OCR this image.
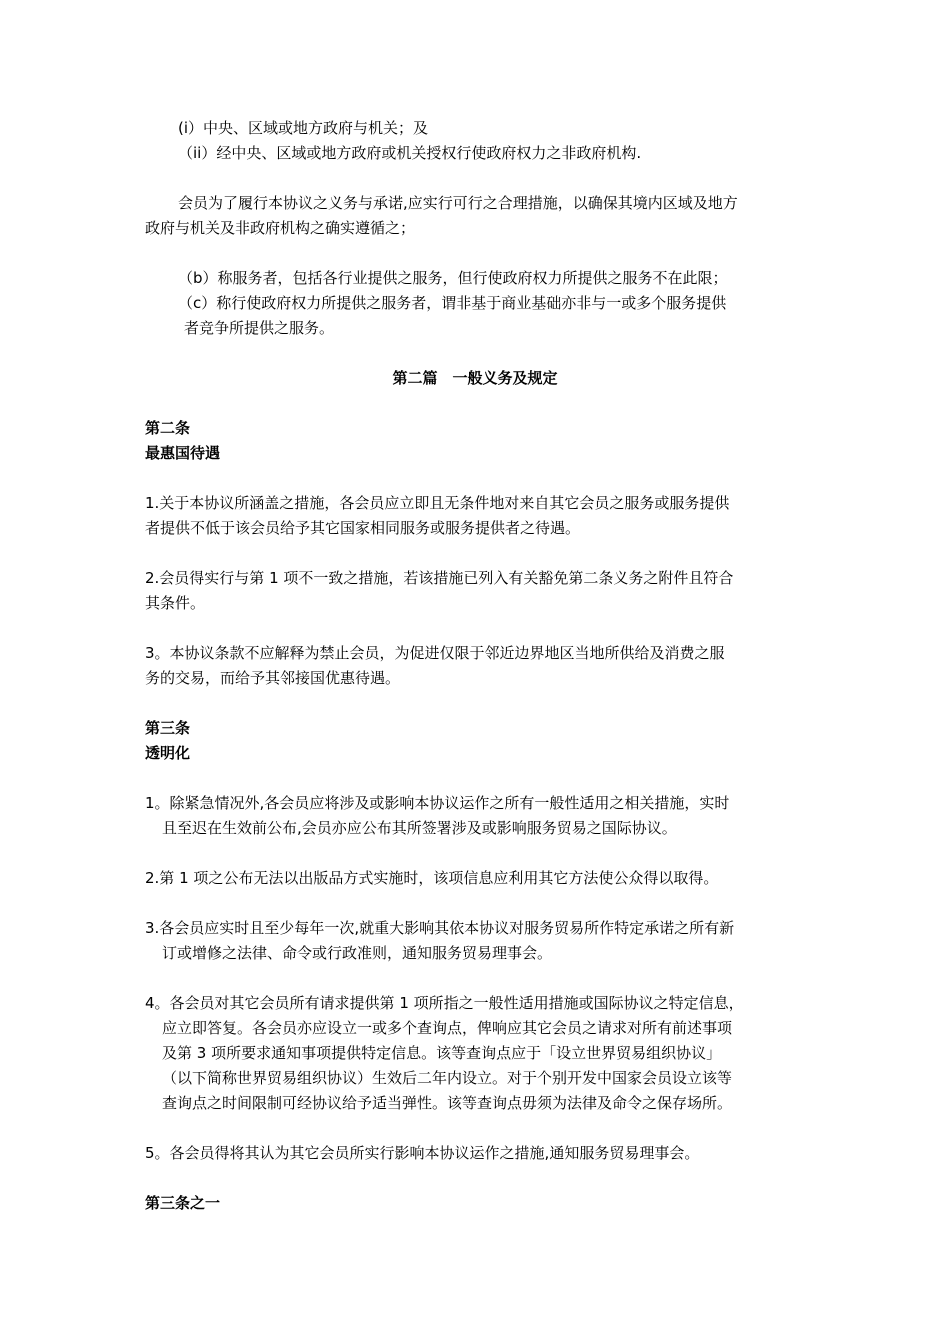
(i）中央、区域或地方政府与机关；及
（ii）经中央、区域或地方政府或机关授权行使政府权力之非政府机构.
会员为了履行本协议之义务与承诺,应实行可行之合理措施，以确保其境内区域及地方
政府与机关及非政府机构之确实遵循之；
（b）称服务者，包括各行业提供之服务，但行使政府权力所提供之服务不在此限；
（c）称行使政府权力所提供之服务者，谓非基于商业基础亦非与一或多个服务提供
者竞争所提供之服务。
第二篇　一般义务及规定
第二条
最惠国待遇
1.关于本协议所涵盖之措施，各会员应立即且无条件地对来自其它会员之服务或服务提供
者提供不低于该会员给予其它国家相同服务或服务提供者之待遇。
2.会员得实行与第 1 项不一致之措施，若该措施已列入有关豁免第二条义务之附件且符合
其条件。
3。本协议条款不应解释为禁止会员，为促进仅限于邻近边界地区当地所供给及消费之服
务的交易，而给予其邻接国优惠待遇。
第三条
透明化
1。除紧急情况外,各会员应将涉及或影响本协议运作之所有一般性适用之相关措施，实时
且至迟在生效前公布,会员亦应公布其所签署涉及或影响服务贸易之国际协议。
2.第 1 项之公布无法以出版品方式实施时，该项信息应利用其它方法使公众得以取得。
3.各会员应实时且至少每年一次,就重大影响其依本协议对服务贸易所作特定承诺之所有新
订或增修之法律、命令或行政准则，通知服务贸易理事会。
4。各会员对其它会员所有请求提供第 1 项所指之一般性适用措施或国际协议之特定信息，
应立即答复。各会员亦应设立一或多个查询点，俾响应其它会员之请求对所有前述事项
及第 3 项所要求通知事项提供特定信息。该等查询点应于「设立世界贸易组织协议」
（以下简称世界贸易组织协议）生效后二年内设立。对于个别开发中国家会员设立该等
查询点之时间限制可经协议给予适当弹性。该等查询点毋须为法律及命令之保存场所。
5。各会员得将其认为其它会员所实行影响本协议运作之措施,通知服务贸易理事会。
第三条之一
